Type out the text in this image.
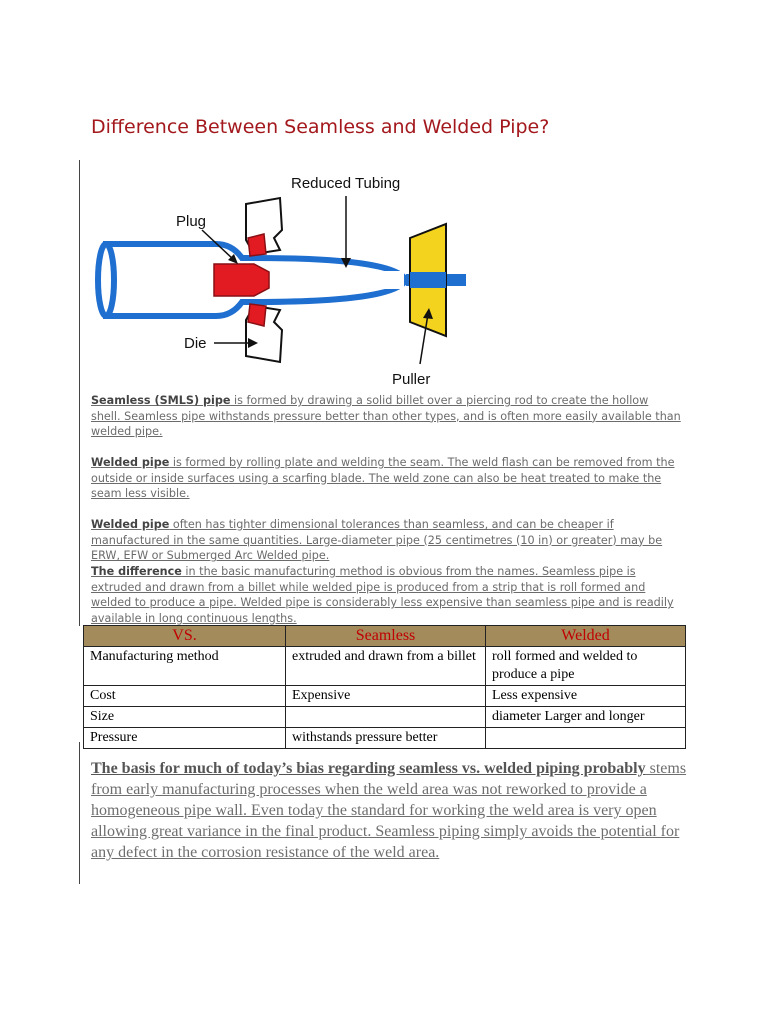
Difference Between Seamless and Welded Pipe?
Reduced Tubing
Plug
Die
Puller

Seamless (SMLS) pipe is formed by drawing a solid billet over a piercing rod to create the hollow shell. Seamless pipe withstands pressure better than other types, and is often more easily available than welded pipe.

Welded pipe is formed by rolling plate and welding the seam. The weld flash can be removed from the outside or inside surfaces using a scarfing blade. The weld zone can also be heat treated to make the seam less visible.

Welded pipe often has tighter dimensional tolerances than seamless, and can be cheaper if manufactured in the same quantities. Large-diameter pipe (25 centimetres (10 in) or greater) may be ERW, EFW or Submerged Arc Welded pipe.

The difference in the basic manufacturing method is obvious from the names. Seamless pipe is extruded and drawn from a billet while welded pipe is produced from a strip that is roll formed and welded to produce a pipe. Welded pipe is considerably less expensive than seamless pipe and is readily available in long continuous lengths.

VS.	Seamless	Welded
Manufacturing method	extruded and drawn from a billet	roll formed and welded to produce a pipe
Cost	Expensive	Less expensive
Size		diameter Larger and longer
Pressure	withstands pressure better	

The basis for much of today’s bias regarding seamless vs. welded piping probably stems from early manufacturing processes when the weld area was not reworked to provide a homogeneous pipe wall. Even today the standard for working the weld area is very open allowing great variance in the final product. Seamless piping simply avoids the potential for any defect in the corrosion resistance of the weld area.
